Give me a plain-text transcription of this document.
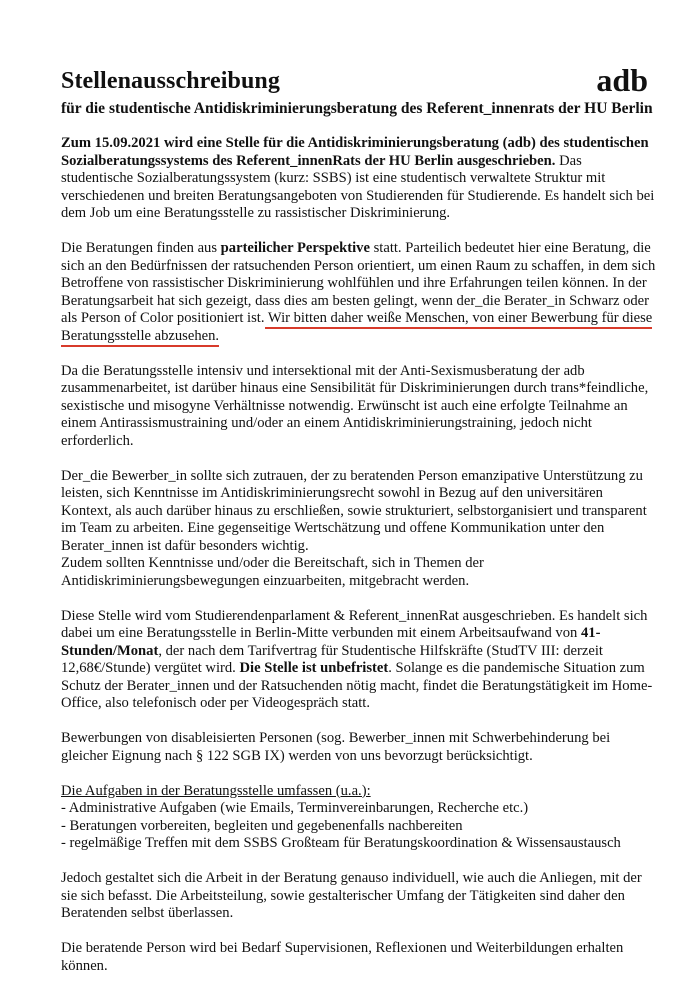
Stellenausschreibung	adb
für die studentische Antidiskriminierungsberatung des Referent_innenrats der HU Berlin

Zum 15.09.2021 wird eine Stelle für die Antidiskriminierungsberatung (adb) des studentischen Sozialberatungssystems des Referent_innenRats der HU Berlin ausgeschrieben. Das studentische Sozialberatungssystem (kurz: SSBS) ist eine studentisch verwaltete Struktur mit verschiedenen und breiten Beratungsangeboten von Studierenden für Studierende. Es handelt sich bei dem Job um eine Beratungsstelle zu rassistischer Diskriminierung.

Die Beratungen finden aus parteilicher Perspektive statt. Parteilich bedeutet hier eine Beratung, die sich an den Bedürfnissen der ratsuchenden Person orientiert, um einen Raum zu schaffen, in dem sich Betroffene von rassistischer Diskriminierung wohlfühlen und ihre Erfahrungen teilen können. In der Beratungsarbeit hat sich gezeigt, dass dies am besten gelingt, wenn der_die Berater_in Schwarz oder als Person of Color positioniert ist. Wir bitten daher weiße Menschen, von einer Bewerbung für diese Beratungsstelle abzusehen.

Da die Beratungsstelle intensiv und intersektional mit der Anti-Sexismusberatung der adb zusammenarbeitet, ist darüber hinaus eine Sensibilität für Diskriminierungen durch trans*feindliche, sexistische und misogyne Verhältnisse notwendig. Erwünscht ist auch eine erfolgte Teilnahme an einem Antirassismustraining und/oder an einem Antidiskriminierungstraining, jedoch nicht erforderlich.

Der_die Bewerber_in sollte sich zutrauen, der zu beratenden Person emanzipative Unterstützung zu leisten, sich Kenntnisse im Antidiskriminierungsrecht sowohl in Bezug auf den universitären Kontext, als auch darüber hinaus zu erschließen, sowie strukturiert, selbstorganisiert und transparent im Team zu arbeiten. Eine gegenseitige Wertschätzung und offene Kommunikation unter den Berater_innen ist dafür besonders wichtig.
Zudem sollten Kenntnisse und/oder die Bereitschaft, sich in Themen der Antidiskriminierungsbewegungen einzuarbeiten, mitgebracht werden.

Diese Stelle wird vom Studierendenparlament & Referent_innenRat ausgeschrieben. Es handelt sich dabei um eine Beratungsstelle in Berlin-Mitte verbunden mit einem Arbeitsaufwand von 41-Stunden/Monat, der nach dem Tarifvertrag für Studentische Hilfskräfte (StudTV III: derzeit 12,68€/Stunde) vergütet wird. Die Stelle ist unbefristet. Solange es die pandemische Situation zum Schutz der Berater_innen und der Ratsuchenden nötig macht, findet die Beratungstätigkeit im Home-Office, also telefonisch oder per Videogespräch statt.

Bewerbungen von disableisierten Personen (sog. Bewerber_innen mit Schwerbehinderung bei gleicher Eignung nach § 122 SGB IX) werden von uns bevorzugt berücksichtigt.

Die Aufgaben in der Beratungsstelle umfassen (u.a.):
- Administrative Aufgaben (wie Emails, Terminvereinbarungen, Recherche etc.)
- Beratungen vorbereiten, begleiten und gegebenenfalls nachbereiten
- regelmäßige Treffen mit dem SSBS Großteam für Beratungskoordination & Wissensaustausch

Jedoch gestaltet sich die Arbeit in der Beratung genauso individuell, wie auch die Anliegen, mit der sie sich befasst. Die Arbeitsteilung, sowie gestalterischer Umfang der Tätigkeiten sind daher den Beratenden selbst überlassen.

Die beratende Person wird bei Bedarf Supervisionen, Reflexionen und Weiterbildungen erhalten können.
